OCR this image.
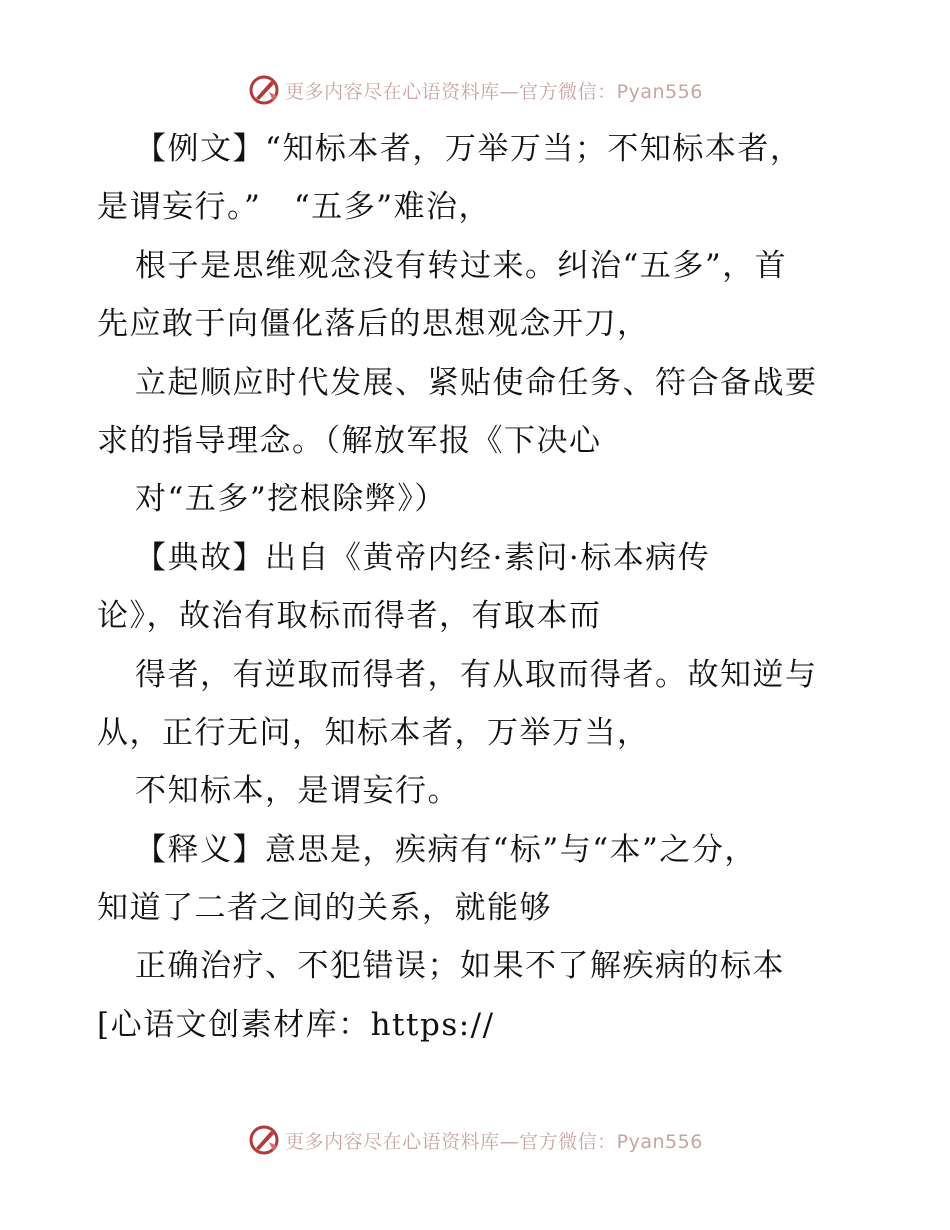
更多内容尽在心语资料库—官方微信：Pyan556
【例文】“知标本者，万举万当；不知标本者，
是谓妄行。”　“五多”难治，
根子是思维观念没有转过来。纠治“五多”，首
先应敢于向僵化落后的思想观念开刀，
立起顺应时代发展、紧贴使命任务、符合备战要
求的指导理念。（解放军报《下决心
对“五多”挖根除弊》）
【典故】出自《黄帝内经·素问·标本病传
论》，故治有取标而得者，有取本而
得者，有逆取而得者，有从取而得者。故知逆与
从，正行无问，知标本者，万举万当，
不知标本，是谓妄行。
【释义】意思是，疾病有“标”与“本”之分，
知道了二者之间的关系，就能够
正确治疗、不犯错误；如果不了解疾病的标本
[心语文创素材库：https://
更多内容尽在心语资料库—官方微信：Pyan556
